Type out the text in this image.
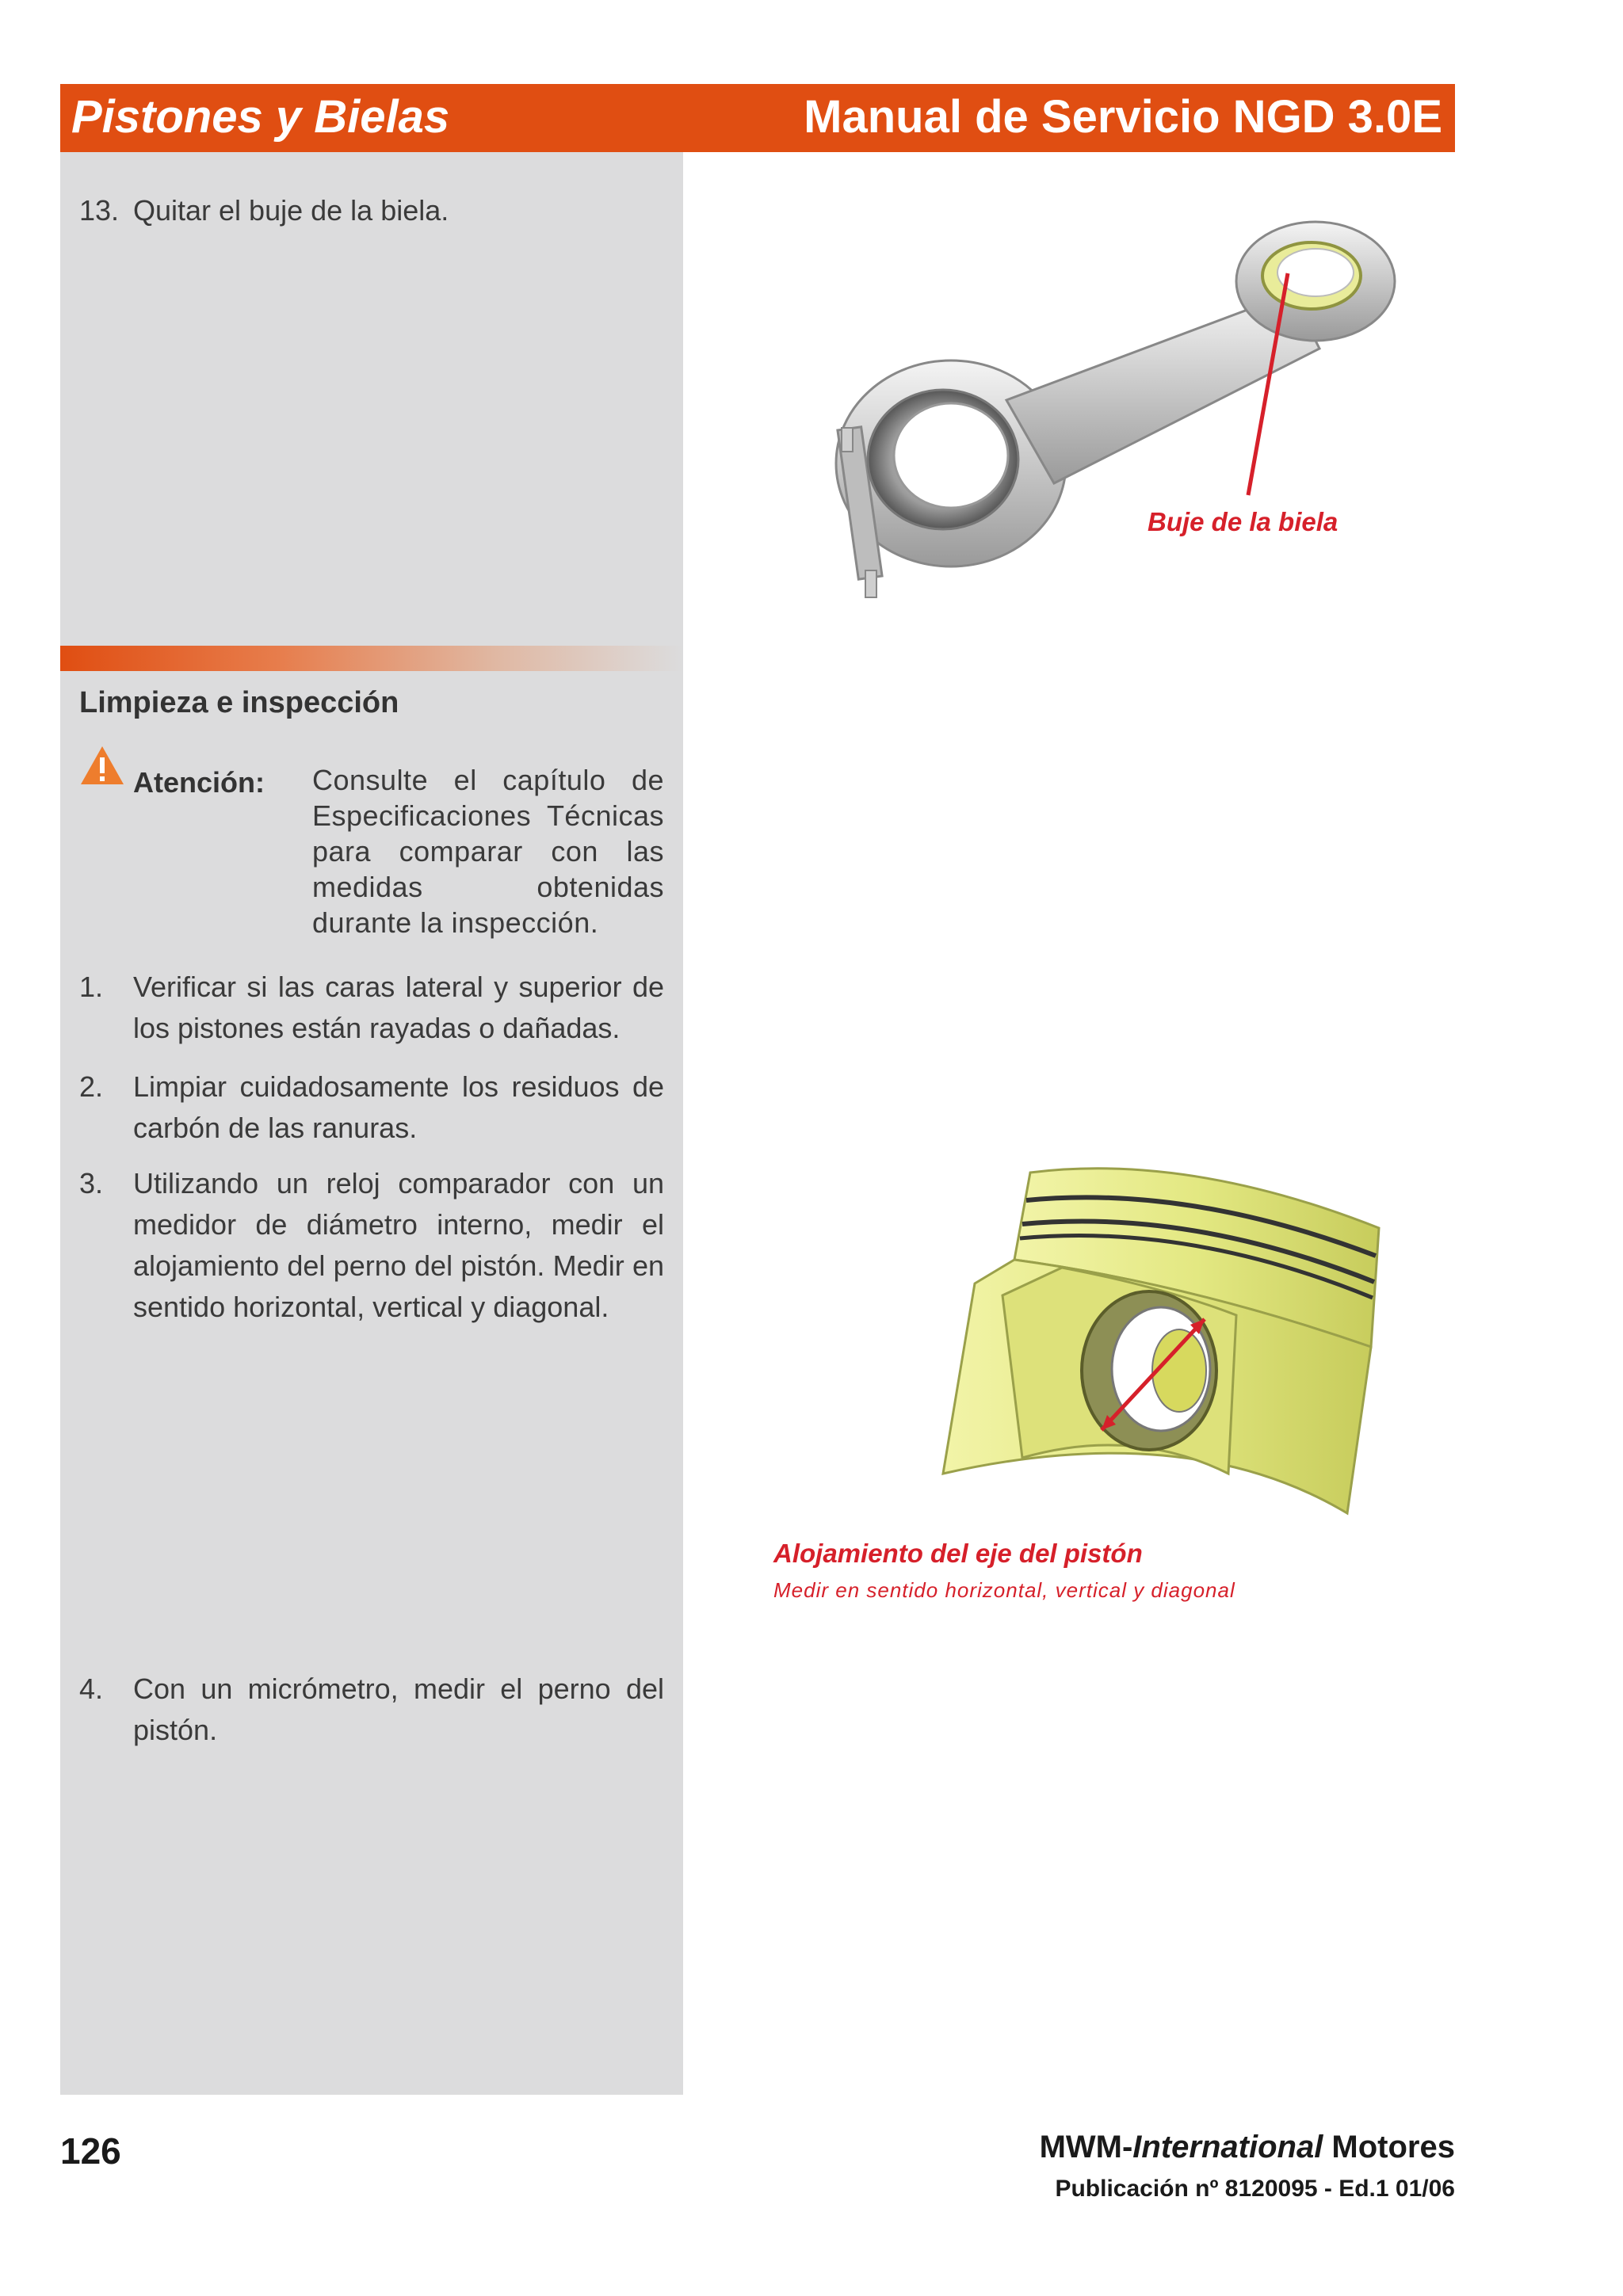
Pistones y Bielas	Manual de Servicio NGD 3.0E
13. Quitar el buje de la biela.
Limpieza e inspección
Atención: Consulte el capítulo de Especificaciones Técnicas para comparar con las medidas obtenidas durante la inspección.
1. Verificar si las caras lateral y superior de los pistones están rayadas o dañadas.
2. Limpiar cuidadosamente los residuos de carbón de las ranuras.
3. Utilizando un reloj comparador con un medidor de diámetro interno, medir el alojamiento del perno del pistón. Medir en sentido horizontal, vertical y diagonal.
4. Con un micrómetro, medir el perno del pistón.
Buje de la biela
Alojamiento del eje del pistón
Medir en sentido horizontal, vertical y diagonal
126	MWM-International Motores
Publicación nº 8120095 - Ed.1 01/06
